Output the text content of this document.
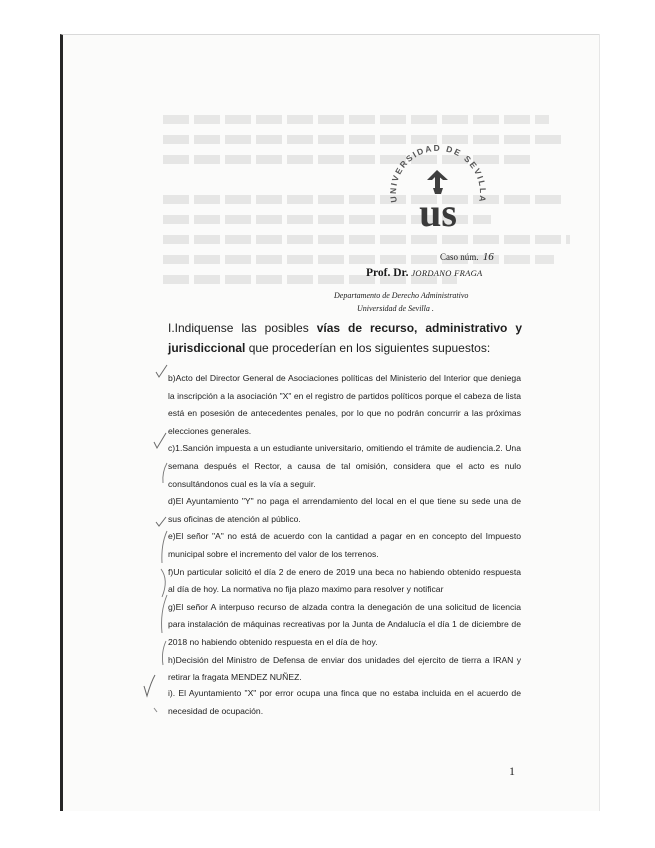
UNIVERSIDAD DE SEVILLA
us
Caso núm. 16
Prof. Dr. JORDANO FRAGA
Departamento de Derecho Administrativo
Universidad de Sevilla .
I.Indiquense las posibles vías de recurso, administrativo y jurisdiccional que procederían en los siguientes supuestos:
b)Acto del Director General de Asociaciones políticas del Ministerio del Interior que deniega la inscripción a la asociación "X" en el registro de partidos políticos porque el cabeza de lista está en posesión de antecedentes penales, por lo que no podrán concurrir a las próximas elecciones generales.
c)1.Sanción impuesta a un estudiante universitario, omitiendo el trámite de audiencia.2. Una semana después el Rector, a causa de tal omisión, considera que el acto es nulo consultándonos cual es la vía a seguir.
d)El Ayuntamiento "Y" no paga el arrendamiento del local en el que tiene su sede una de sus oficinas de atención al público.
e)El señor "A" no está de acuerdo con la cantidad a pagar en en concepto del Impuesto municipal sobre el incremento del valor de los terrenos.
f)Un particular solicitó el día 2 de enero de 2019 una beca no habiendo obtenido respuesta al día de hoy. La normativa no fija plazo maximo para resolver y notificar
g)El señor A interpuso recurso de alzada contra la denegación de una solicitud de licencia para instalación de máquinas recreativas por la Junta de Andalucía el día 1 de diciembre de 2018 no habiendo obtenido respuesta en el día de hoy.
h)Decisión del Ministro de Defensa de enviar dos unidades del ejercito de tierra a IRAN y retirar la fragata MENDEZ NUÑEZ.
i). El Ayuntamiento "X" por error ocupa una finca que no estaba incluida en el acuerdo de necesidad de ocupación.
1
